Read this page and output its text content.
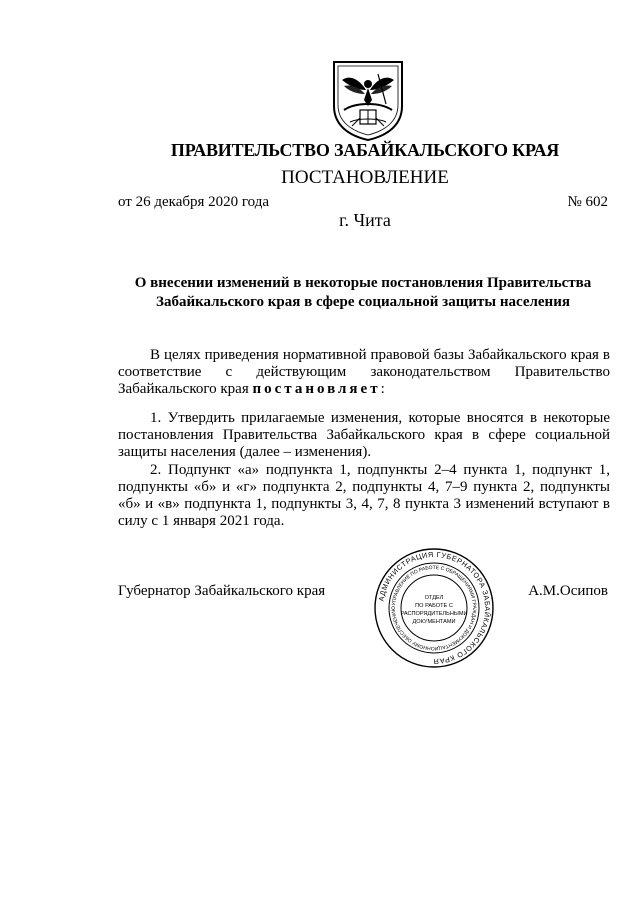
ПРАВИТЕЛЬСТВО ЗАБАЙКАЛЬСКОГО КРАЯ
ПОСТАНОВЛЕНИЕ
от 26 декабря 2020 года	№ 602
г. Чита
О внесении изменений в некоторые постановления Правительства Забайкальского края в сфере социальной защиты населения
В целях приведения нормативной правовой базы Забайкальского края в соответствие с действующим законодательством Правительство Забайкальского края постановляет:
1. Утвердить прилагаемые изменения, которые вносятся в некоторые постановления Правительства Забайкальского края в сфере социальной защиты населения (далее – изменения).
2. Подпункт «а» подпункта 1, подпункты 2–4 пункта 1, подпункт 1, подпункты «б» и «г» подпункта 2, подпункты 4, 7–9 пункта 2, подпункты «б» и «в» подпункта 1, подпункты 3, 4, 7, 8 пункта 3 изменений вступают в силу с 1 января 2021 года.
Губернатор Забайкальского края	А.М.Осипов
АДМИНИСТРАЦИЯ ГУБЕРНАТОРА ЗАБАЙКАЛЬСКОГО КРАЯ
УПРАВЛЕНИЕ ПО РАБОТЕ С ОБРАЩЕНИЯМИ ГРАЖДАН И ДОКУМЕНТАЦИОННОМУ ОБЕСПЕЧЕНИЮ
ОТДЕЛ
ПО РАБОТЕ С
РАСПОРЯДИТЕЛЬНЫМИ
ДОКУМЕНТАМИ
